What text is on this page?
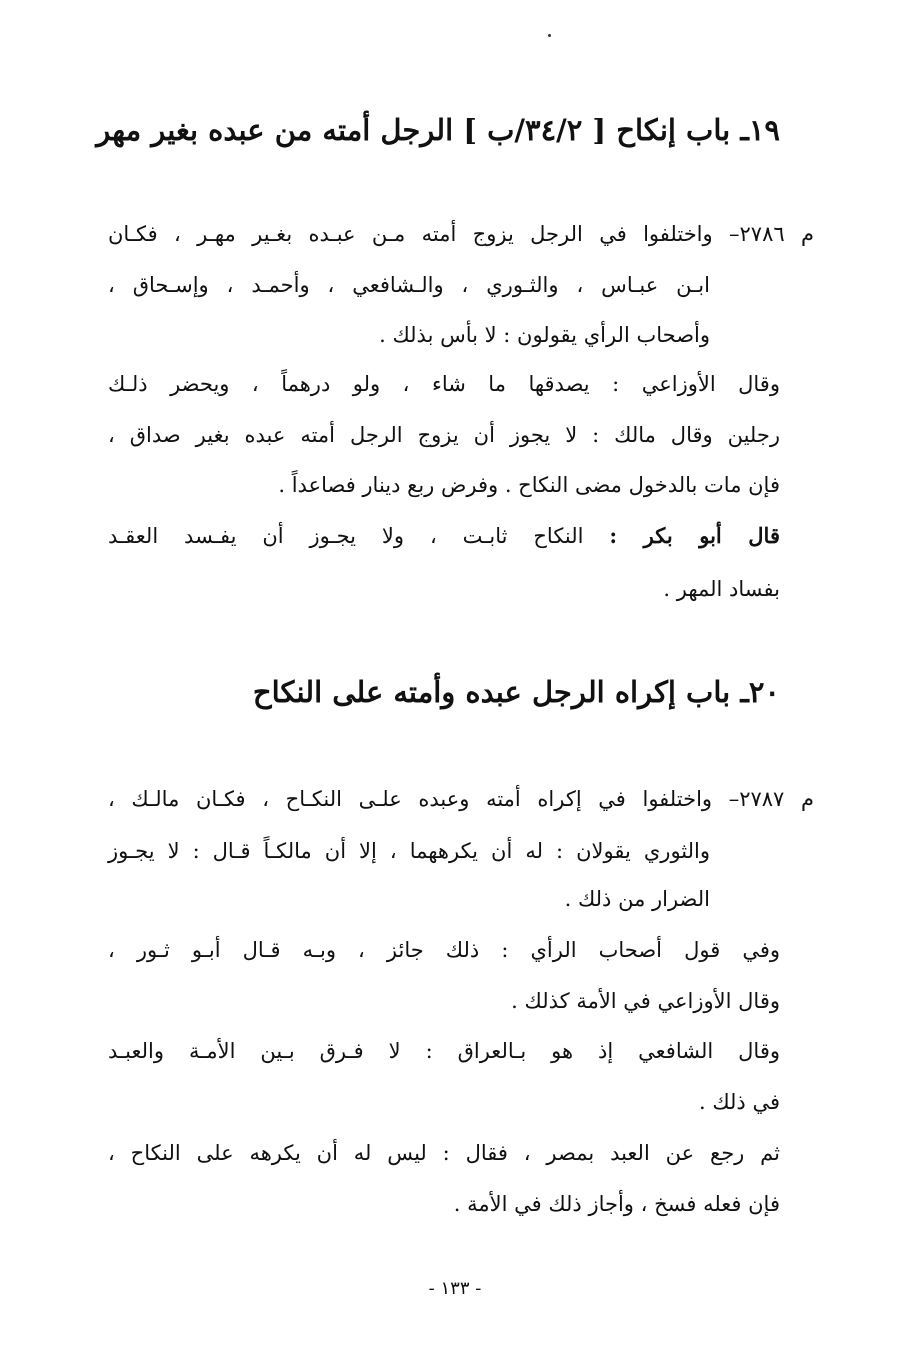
١٩ـ باب إنكاح [ ٣٤/٢/ب ] الرجل أمته من عبده بغير مهر
م ٢٧٨٦– واختلفوا في الرجل يزوج أمته مـن عبـده بغـير مهـر ، فكـان
ابـن عبـاس ، والثـوري ، والـشافعي ، وأحمـد ، وإسـحاق ،
وأصحاب الرأي يقولون : لا بأس بذلك .
وقال الأوزاعي : يصدقها ما شاء ، ولو درهماً ، ويحضر ذلـك
رجلين وقال مالك : لا يجوز أن يزوج الرجل أمته عبده بغير صداق ،
فإن مات بالدخول مضى النكاح . وفرض ربع دينار فصاعداً .
قال أبو بكر : النكاح ثابـت ، ولا يجـوز أن يفـسد العقـد
بفساد المهر .
٢٠ـ باب إكراه الرجل عبده وأمته على النكاح
م ٢٧٨٧– واختلفوا في إكراه أمته وعبده علـى النكـاح ، فكـان مالـك ،
والثوري يقولان : له أن يكرههما ، إلا أن مالكـاً قـال : لا يجـوز
الضرار من ذلك .
وفي قول أصحاب الرأي : ذلك جائز ، وبـه قـال أبـو ثـور ،
وقال الأوزاعي في الأمة كذلك .
وقال الشافعي إذ هو بـالعراق : لا فـرق بـين الأمـة والعبـد
في ذلك .
ثم رجع عن العبد بمصر ، فقال : ليس له أن يكرهه على النكاح ،
فإن فعله فسخ ، وأجاز ذلك في الأمة .
- ١٣٣ -
